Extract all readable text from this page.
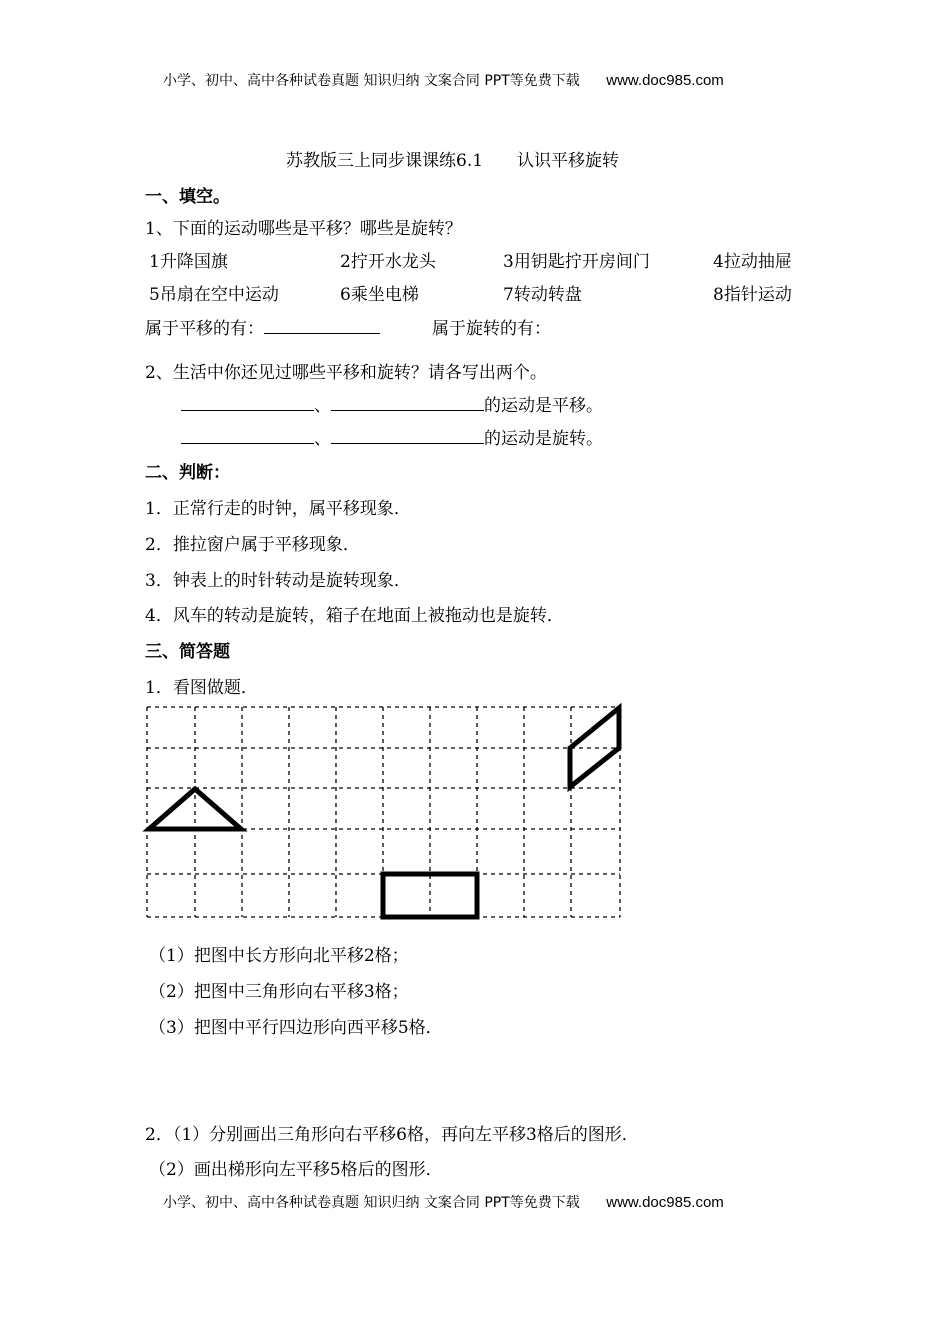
小学、初中、高中各种试卷真题 知识归纳 文案合同 PPT等免费下载 www.doc985.com
苏教版三上同步课课练6.1　　认识平移旋转
一、填空。
1、下面的运动哪些是平移？哪些是旋转？
1升降国旗	2拧开水龙头	3用钥匙拧开房间门	4拉动抽屉
5吊扇在空中运动	6乘坐电梯	7转动转盘	8指针运动
属于平移的有：	属于旋转的有：
2、生活中你还见过哪些平移和旋转？请各写出两个。
、	的运动是平移。
、	的运动是旋转。
二、判断：
1．正常行走的时钟，属平移现象．
2．推拉窗户属于平移现象．
3．钟表上的时针转动是旋转现象．
4．风车的转动是旋转，箱子在地面上被拖动也是旋转．
三、简答题
1．看图做题．
（1）把图中长方形向北平移2格；
（2）把图中三角形向右平移3格；
（3）把图中平行四边形向西平移5格．
2．（1）分别画出三角形向右平移6格，再向左平移3格后的图形．
（2）画出梯形向左平移5格后的图形．
小学、初中、高中各种试卷真题 知识归纳 文案合同 PPT等免费下载 www.doc985.com
